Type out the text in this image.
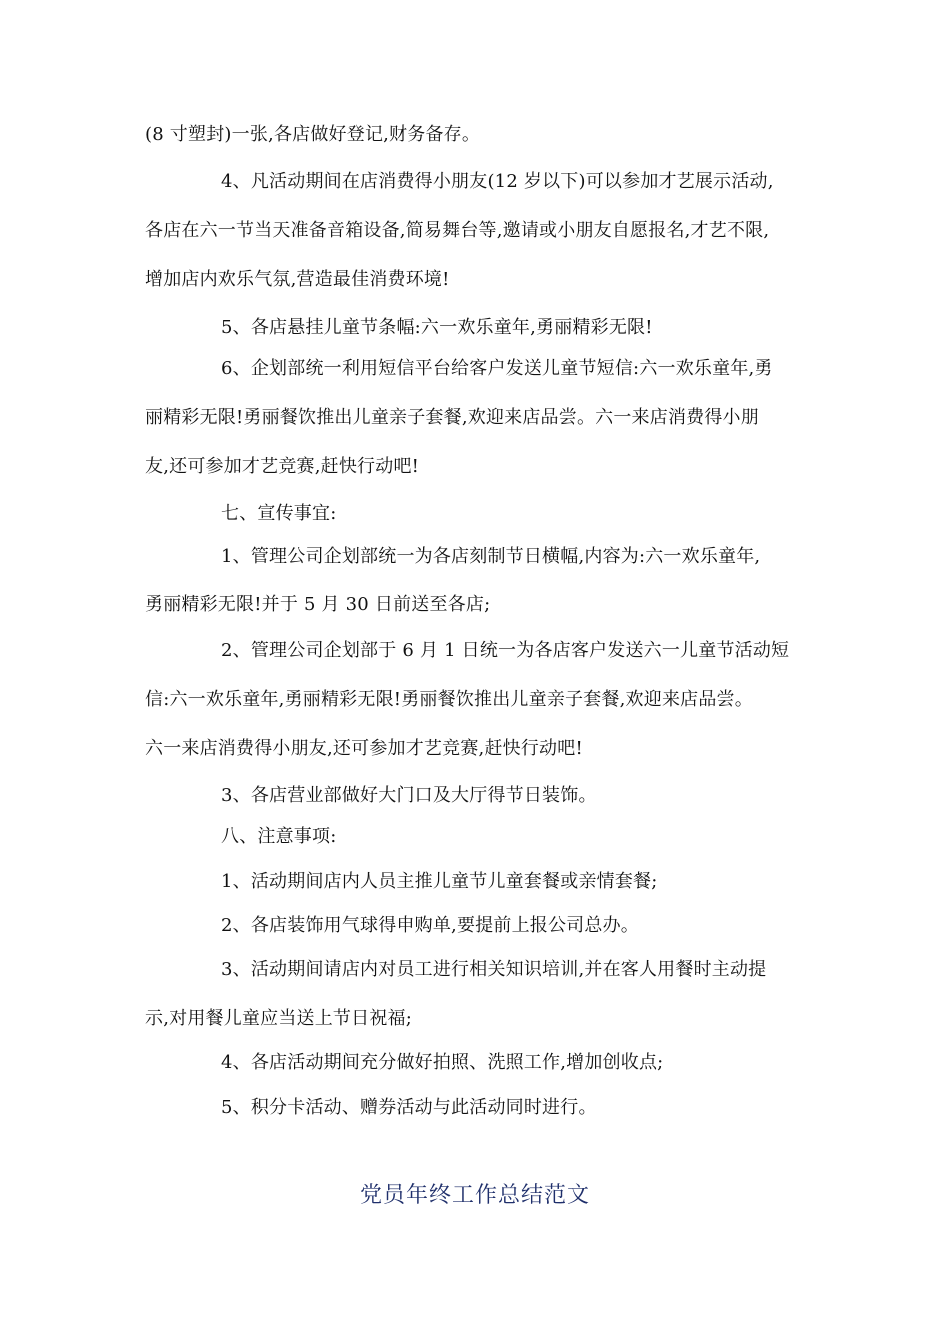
(8 寸塑封)一张,各店做好登记,财务备存。
4、凡活动期间在店消费得小朋友(12 岁以下)可以参加才艺展示活动,
各店在六一节当天准备音箱设备,简易舞台等,邀请或小朋友自愿报名,才艺不限,
增加店内欢乐气氛,营造最佳消费环境!
5、各店悬挂儿童节条幅:六一欢乐童年,勇丽精彩无限!
6、企划部统一利用短信平台给客户发送儿童节短信:六一欢乐童年,勇
丽精彩无限!勇丽餐饮推出儿童亲子套餐,欢迎来店品尝。六一来店消费得小朋
友,还可参加才艺竞赛,赶快行动吧!
七、宣传事宜:
1、管理公司企划部统一为各店刻制节日横幅,内容为:六一欢乐童年,
勇丽精彩无限!并于 5 月 30 日前送至各店;
2、管理公司企划部于 6 月 1 日统一为各店客户发送六一儿童节活动短
信:六一欢乐童年,勇丽精彩无限!勇丽餐饮推出儿童亲子套餐,欢迎来店品尝。
六一来店消费得小朋友,还可参加才艺竞赛,赶快行动吧!
3、各店营业部做好大门口及大厅得节日装饰。
八、注意事项:
1、活动期间店内人员主推儿童节儿童套餐或亲情套餐;
2、各店装饰用气球得申购单,要提前上报公司总办。
3、活动期间请店内对员工进行相关知识培训,并在客人用餐时主动提
示,对用餐儿童应当送上节日祝福;
4、各店活动期间充分做好拍照、洗照工作,增加创收点;
5、积分卡活动、赠券活动与此活动同时进行。
党员年终工作总结范文
